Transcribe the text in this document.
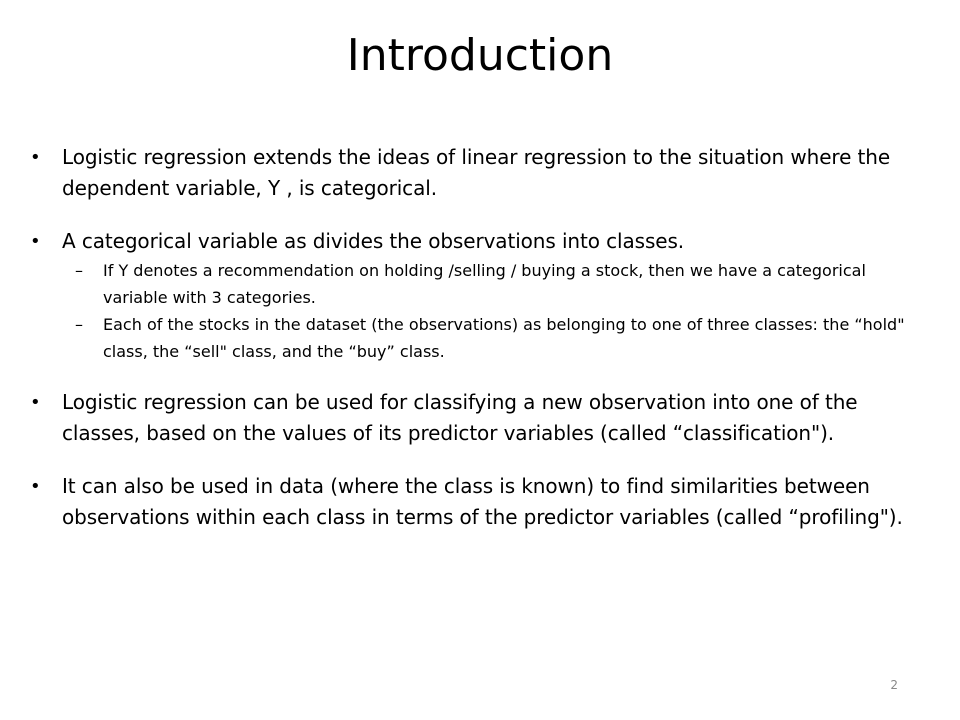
Introduction
• Logistic regression extends the ideas of linear regression to the situation where the dependent variable, Y , is categorical.
• A categorical variable as divides the observations into classes.
– If Y denotes a recommendation on holding /selling / buying a stock, then we have a categorical variable with 3 categories.
– Each of the stocks in the dataset (the observations) as belonging to one of three classes: the “hold" class, the “sell" class, and the “buy” class.
• Logistic regression can be used for classifying a new observation into one of the classes, based on the values of its predictor variables (called “classification").
• It can also be used in data (where the class is known) to find similarities between observations within each class in terms of the predictor variables (called “profiling").
2
